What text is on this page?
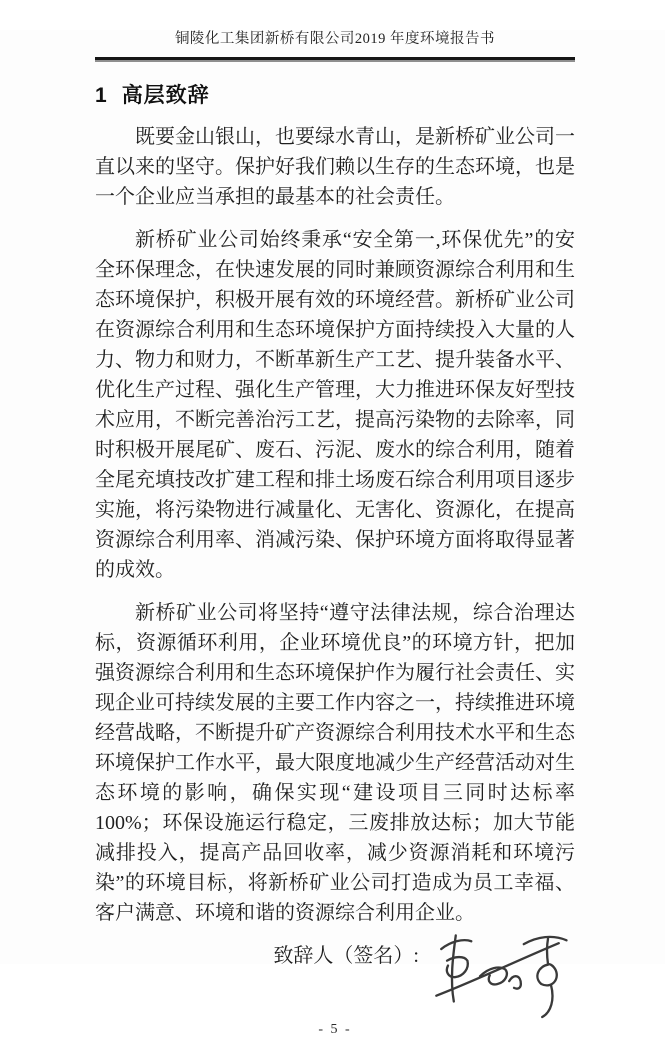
铜陵化工集团新桥有限公司2019 年度环境报告书
1 高层致辞

既要金山银山，也要绿水青山，是新桥矿业公司一直以来的坚守。保护好我们赖以生存的生态环境，也是一个企业应当承担的最基本的社会责任。

新桥矿业公司始终秉承“安全第一,环保优先”的安全环保理念，在快速发展的同时兼顾资源综合利用和生态环境保护，积极开展有效的环境经营。新桥矿业公司在资源综合利用和生态环境保护方面持续投入大量的人力、物力和财力，不断革新生产工艺、提升装备水平、优化生产过程、强化生产管理，大力推进环保友好型技术应用，不断完善治污工艺，提高污染物的去除率，同时积极开展尾矿、废石、污泥、废水的综合利用，随着全尾充填技改扩建工程和排土场废石综合利用项目逐步实施，将污染物进行减量化、无害化、资源化，在提高资源综合利用率、消减污染、保护环境方面将取得显著的成效。

新桥矿业公司将坚持“遵守法律法规，综合治理达标，资源循环利用，企业环境优良”的环境方针，把加强资源综合利用和生态环境保护作为履行社会责任、实现企业可持续发展的主要工作内容之一，持续推进环境经营战略，不断提升矿产资源综合利用技术水平和生态环境保护工作水平，最大限度地减少生产经营活动对生态环境的影响，确保实现“建设项目三同时达标率100%；环保设施运行稳定，三废排放达标；加大节能减排投入，提高产品回收率，减少资源消耗和环境污染”的环境目标，将新桥矿业公司打造成为员工幸福、客户满意、环境和谐的资源综合利用企业。

致辞人（签名）:
- 5 -
